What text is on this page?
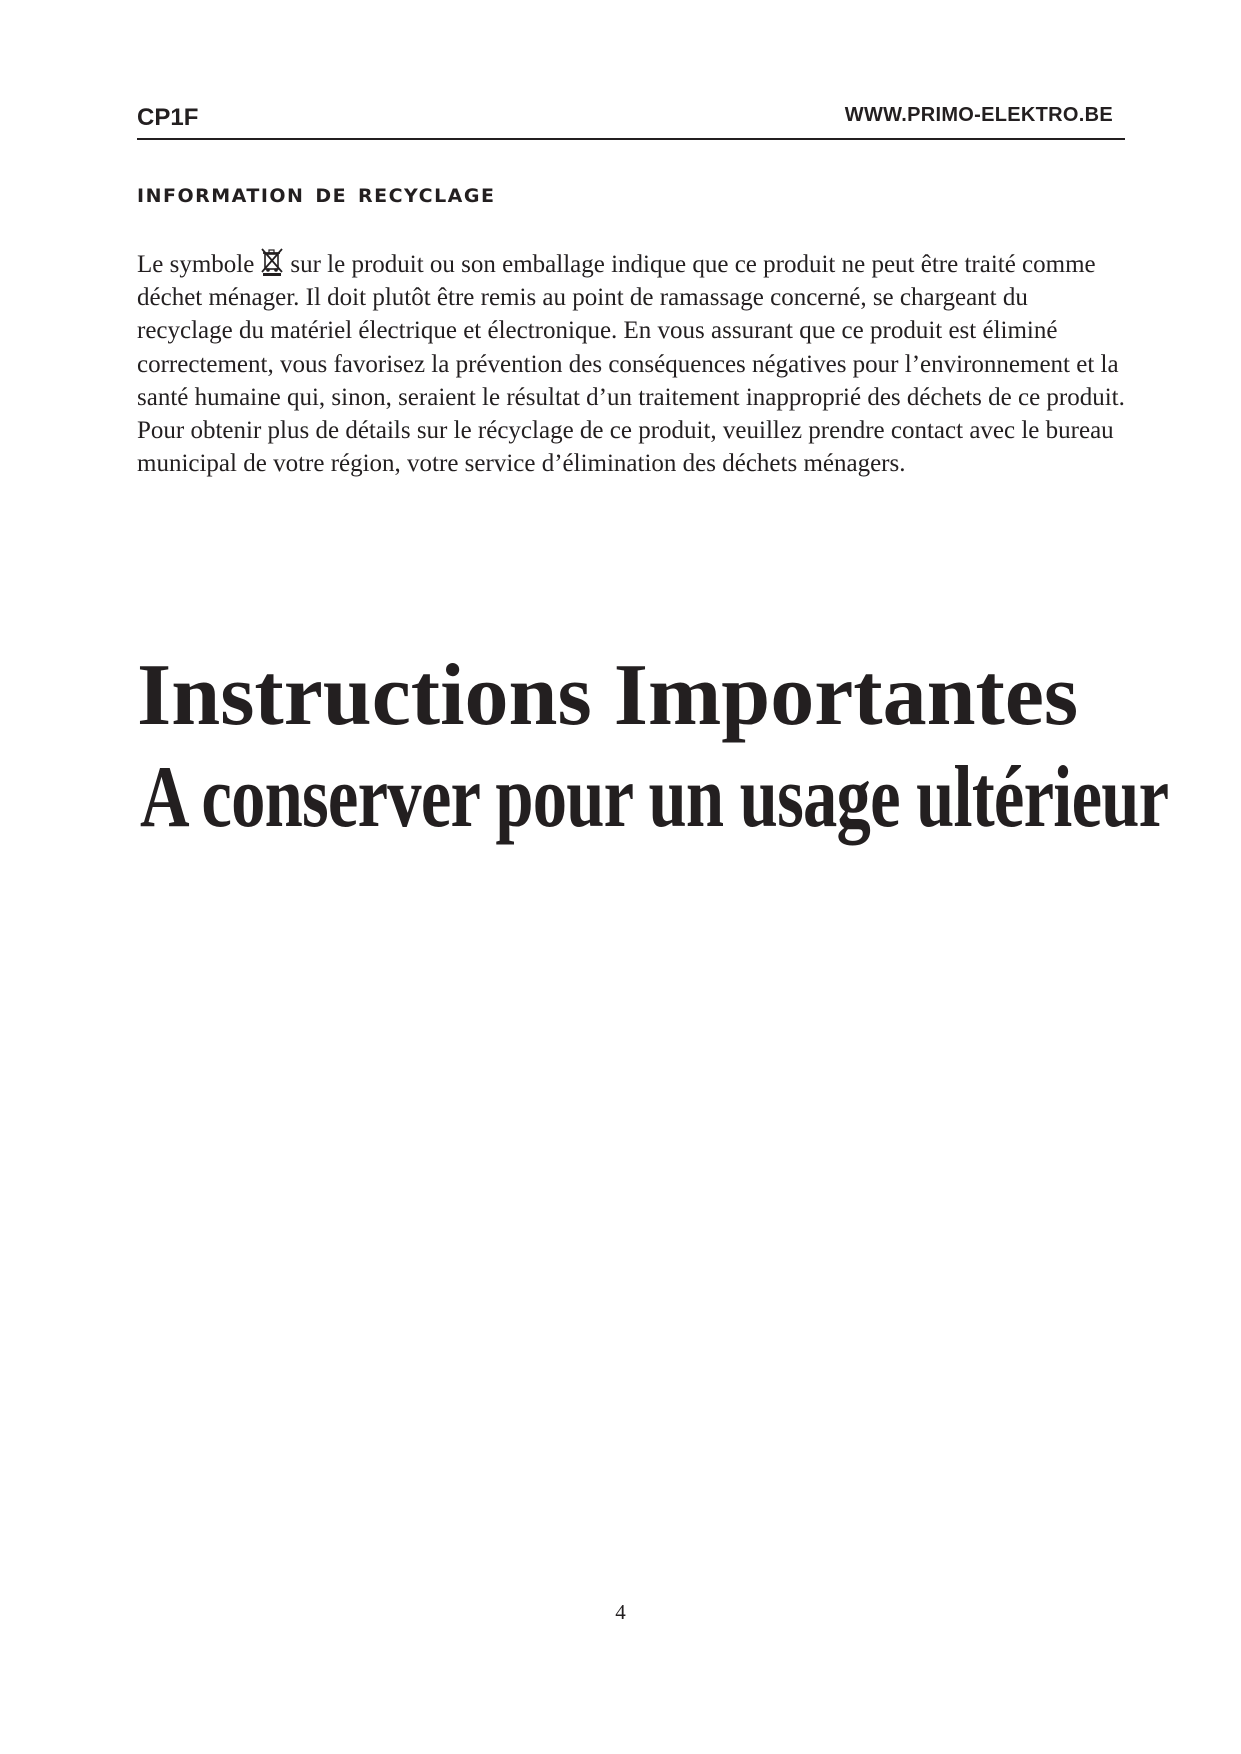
CP1F	WWW.PRIMO-ELEKTRO.BE
information de recyclage

Le symbole sur le produit ou son emballage indique que ce produit ne peut être traité comme déchet ménager. Il doit plutôt être remis au point de ramassage concerné, se chargeant du recyclage du matériel électrique et électronique. En vous assurant que ce produit est éliminé correctement, vous favorisez la prévention des conséquences négatives pour l’environnement et la santé humaine qui, sinon, seraient le résultat d’un traitement inapproprié des déchets de ce produit. Pour obtenir plus de détails sur le récyclage de ce produit, veuillez prendre contact avec le bureau municipal de votre région, votre service d’élimination des déchets ménagers.

Instructions Importantes
A conserver pour un usage ultérieur
4
